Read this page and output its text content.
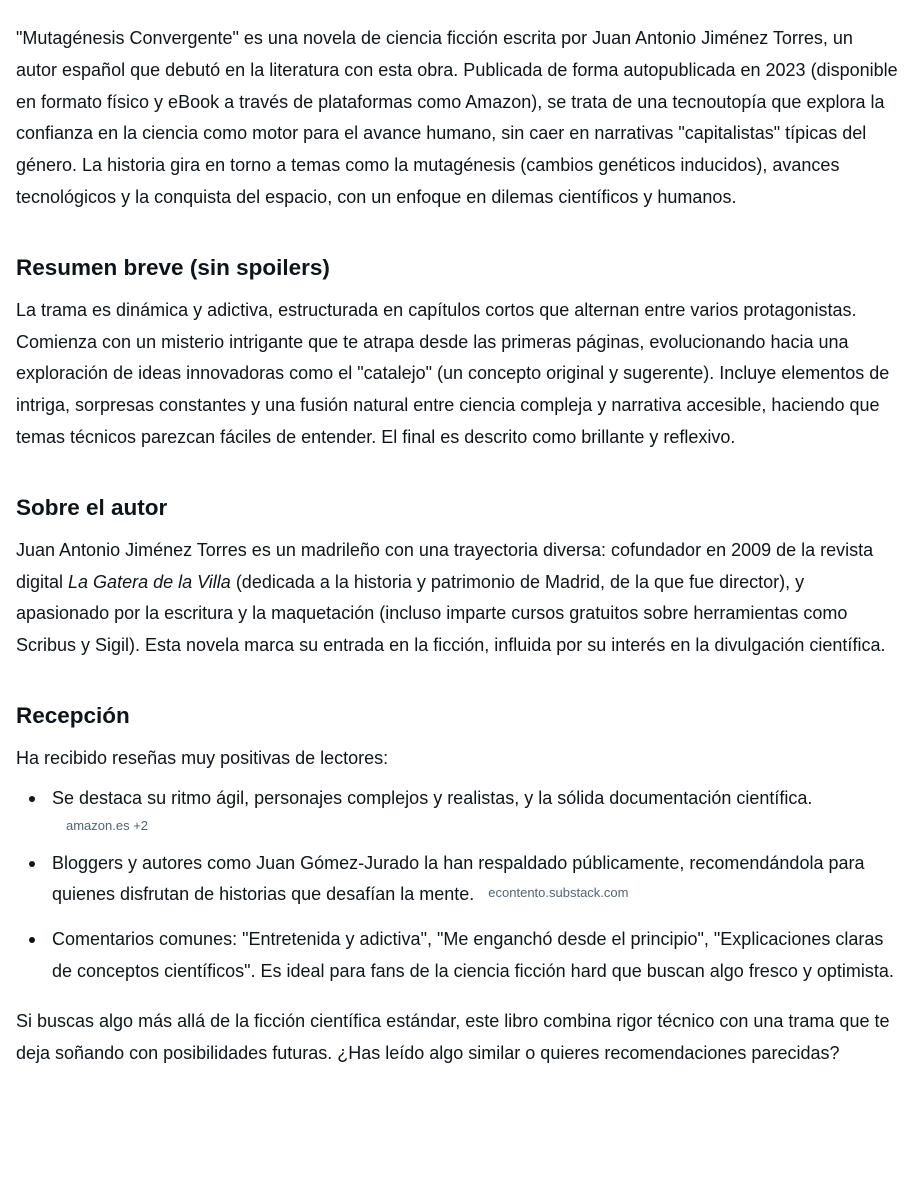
"Mutagénesis Convergente" es una novela de ciencia ficción escrita por Juan Antonio Jiménez Torres, un autor español que debutó en la literatura con esta obra. Publicada de forma autopublicada en 2023 (disponible en formato físico y eBook a través de plataformas como Amazon), se trata de una tecnoutopía que explora la confianza en la ciencia como motor para el avance humano, sin caer en narrativas "capitalistas" típicas del género. La historia gira en torno a temas como la mutagénesis (cambios genéticos inducidos), avances tecnológicos y la conquista del espacio, con un enfoque en dilemas científicos y humanos.

Resumen breve (sin spoilers)

La trama es dinámica y adictiva, estructurada en capítulos cortos que alternan entre varios protagonistas. Comienza con un misterio intrigante que te atrapa desde las primeras páginas, evolucionando hacia una exploración de ideas innovadoras como el "catalejo" (un concepto original y sugerente). Incluye elementos de intriga, sorpresas constantes y una fusión natural entre ciencia compleja y narrativa accesible, haciendo que temas técnicos parezcan fáciles de entender. El final es descrito como brillante y reflexivo.

Sobre el autor

Juan Antonio Jiménez Torres es un madrileño con una trayectoria diversa: cofundador en 2009 de la revista digital La Gatera de la Villa (dedicada a la historia y patrimonio de Madrid, de la que fue director), y apasionado por la escritura y la maquetación (incluso imparte cursos gratuitos sobre herramientas como Scribus y Sigil). Esta novela marca su entrada en la ficción, influida por su interés en la divulgación científica.

Recepción

Ha recibido reseñas muy positivas de lectores:

Se destaca su ritmo ágil, personajes complejos y realistas, y la sólida documentación científica.
amazon.es +2
Bloggers y autores como Juan Gómez-Jurado la han respaldado públicamente, recomendándola para quienes disfrutan de historias que desafían la mente. econtento.substack.com
Comentarios comunes: "Entretenida y adictiva", "Me enganchó desde el principio", "Explicaciones claras de conceptos científicos". Es ideal para fans de la ciencia ficción hard que buscan algo fresco y optimista.

Si buscas algo más allá de la ficción científica estándar, este libro combina rigor técnico con una trama que te deja soñando con posibilidades futuras. ¿Has leído algo similar o quieres recomendaciones parecidas?
